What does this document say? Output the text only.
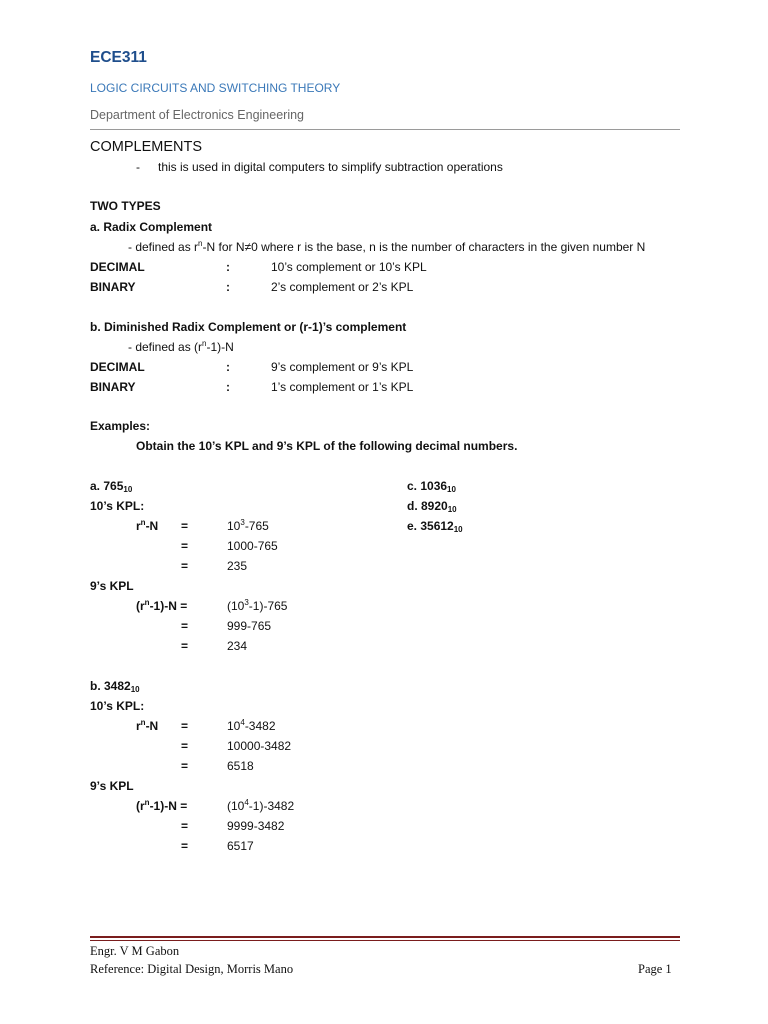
ECE311
LOGIC CIRCUITS AND SWITCHING THEORY
Department of Electronics Engineering
COMPLEMENTS
- this is used in digital computers to simplify subtraction operations
TWO TYPES
a. Radix Complement
- defined as $r^n-N$ for N≠0 where r is the base, n is the number of characters in the given number N
DECIMAL	:	10’s complement or 10’s KPL
BINARY	:	2’s complement or 2’s KPL
b. Diminished Radix Complement or (r-1)’s complement
- defined as $(r^n-1)-N$
DECIMAL	:	9’s complement or 9’s KPL
BINARY	:	1’s complement or 1’s KPL
Examples:
Obtain the 10’s KPL and 9’s KPL of the following decimal numbers.
c. $1036_{10}$
d. $8920_{10}$
e. $35612_{10}$
a. $765_{10}$
10’s KPL:
$r^n-N$ =	$10^3-765$
=	1000-765
=	235
9’s KPL
$(r^n-1)-N$ =	$(10^3-1)-765$
=	999-765
=	234
b. $3482_{10}$
10’s KPL:
$r^n-N$ =	$10^4-3482$
=	10000-3482
=	6518
9’s KPL
$(r^n-1)-N$ =	$(10^4-1)-3482$
=	9999-3482
=	6517
Engr. V M Gabon
Reference: Digital Design, Morris Mano	Page 1
